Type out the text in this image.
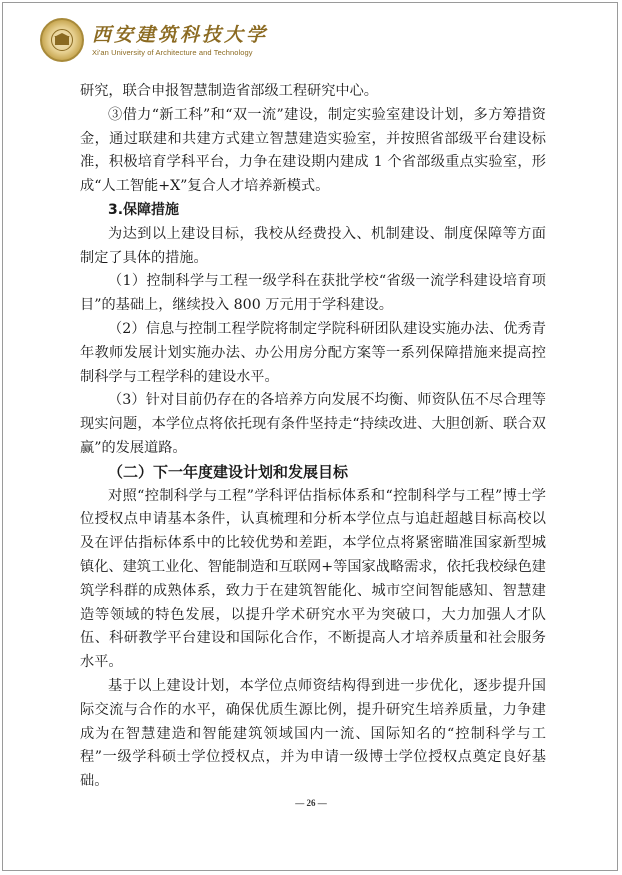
西安建筑科技大学
Xi'an University of Architecture and Technology

研究，联合申报智慧制造省部级工程研究中心。

③借力“新工科”和“双一流”建设，制定实验室建设计划，多方筹措资金，通过联建和共建方式建立智慧建造实验室，并按照省部级平台建设标准，积极培育学科平台，力争在建设期内建成 1 个省部级重点实验室，形成“人工智能+X”复合人才培养新模式。

3.保障措施

为达到以上建设目标，我校从经费投入、机制建设、制度保障等方面制定了具体的措施。

（1）控制科学与工程一级学科在获批学校“省级一流学科建设培育项目”的基础上，继续投入 800 万元用于学科建设。

（2）信息与控制工程学院将制定学院科研团队建设实施办法、优秀青年教师发展计划实施办法、办公用房分配方案等一系列保障措施来提高控制科学与工程学科的建设水平。

（3）针对目前仍存在的各培养方向发展不均衡、师资队伍不尽合理等现实问题，本学位点将依托现有条件坚持走“持续改进、大胆创新、联合双赢”的发展道路。

（二）下一年度建设计划和发展目标

对照“控制科学与工程”学科评估指标体系和“控制科学与工程”博士学位授权点申请基本条件，认真梳理和分析本学位点与追赶超越目标高校以及在评估指标体系中的比较优势和差距，本学位点将紧密瞄准国家新型城镇化、建筑工业化、智能制造和互联网+等国家战略需求，依托我校绿色建筑学科群的成熟体系，致力于在建筑智能化、城市空间智能感知、智慧建造等领域的特色发展，以提升学术研究水平为突破口，大力加强人才队伍、科研教学平台建设和国际化合作，不断提高人才培养质量和社会服务水平。

基于以上建设计划，本学位点师资结构得到进一步优化，逐步提升国际交流与合作的水平，确保优质生源比例，提升研究生培养质量，力争建成为在智慧建造和智能建筑领域国内一流、国际知名的“控制科学与工程”一级学科硕士学位授权点，并为申请一级博士学位授权点奠定良好基础。

— 26 —
